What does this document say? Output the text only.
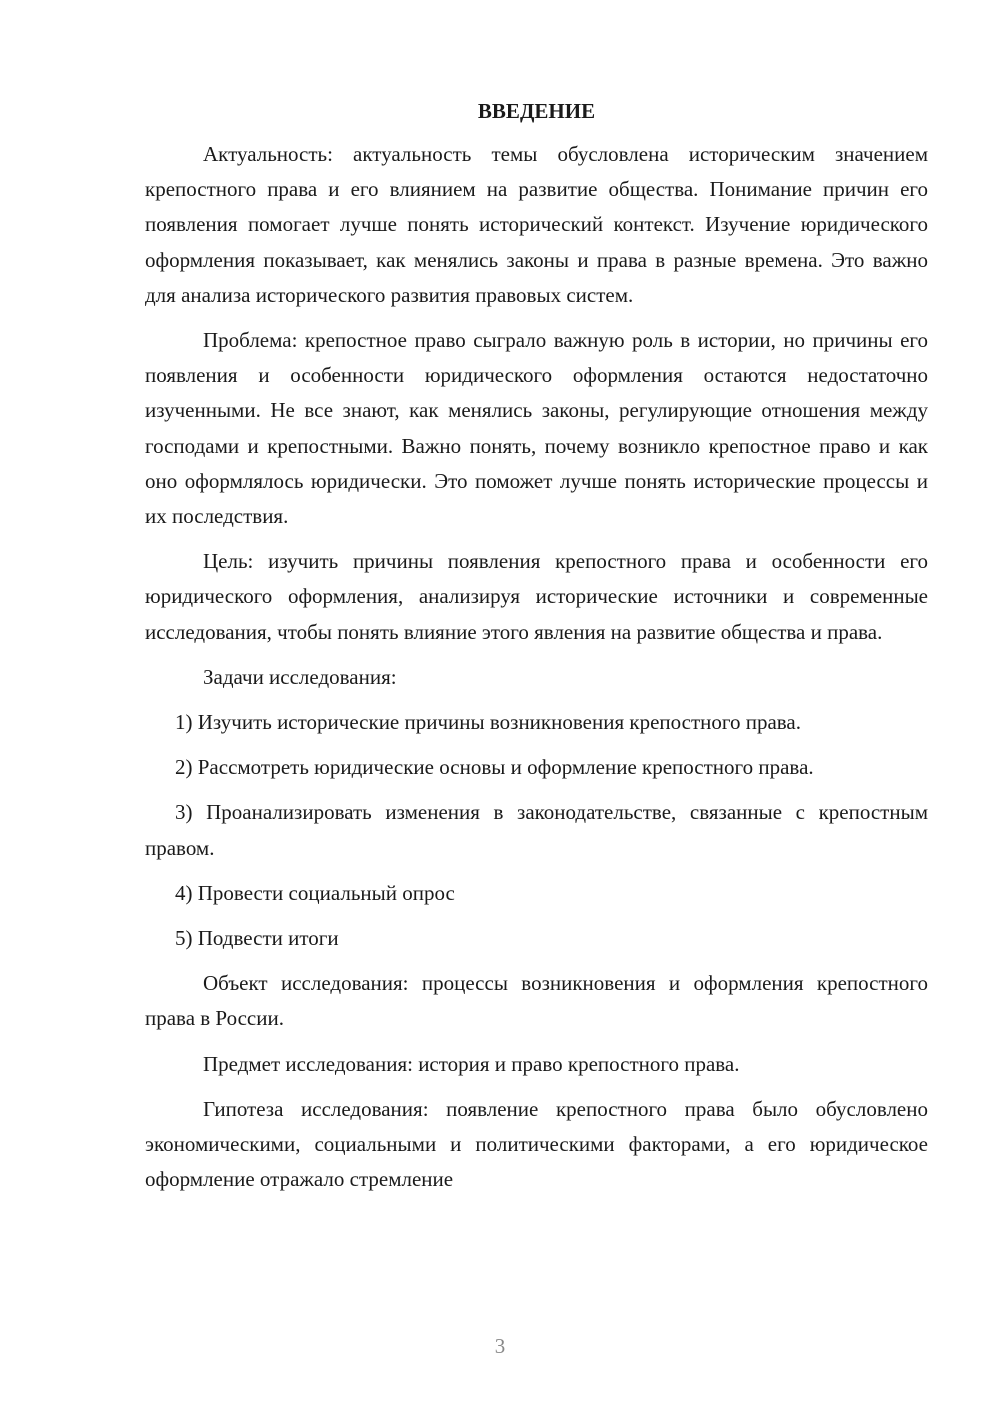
ВВЕДЕНИЕ

Актуальность: актуальность темы обусловлена историческим значением крепостного права и его влиянием на развитие общества. Понимание причин его появления помогает лучше понять исторический контекст. Изучение юридического оформления показывает, как менялись законы и права в разные времена. Это важно для анализа исторического развития правовых систем.

Проблема: крепостное право сыграло важную роль в истории, но причины его появления и особенности юридического оформления остаются недостаточно изученными. Не все знают, как менялись законы, регулирующие отношения между господами и крепостными. Важно понять, почему возникло крепостное право и как оно оформлялось юридически. Это поможет лучше понять исторические процессы и их последствия.

Цель: изучить причины появления крепостного права и особенности его юридического оформления, анализируя исторические источники и современные исследования, чтобы понять влияние этого явления на развитие общества и права.

Задачи исследования:

1) Изучить исторические причины возникновения крепостного права.

2) Рассмотреть юридические основы и оформление крепостного права.

3) Проанализировать изменения в законодательстве, связанные с крепостным правом.

4) Провести социальный опрос

5) Подвести итоги

Объект исследования: процессы возникновения и оформления крепостного права в России.

Предмет исследования: история и право крепостного права.

Гипотеза исследования: появление крепостного права было обусловлено экономическими, социальными и политическими факторами, а его юридическое оформление отражало стремление

3
